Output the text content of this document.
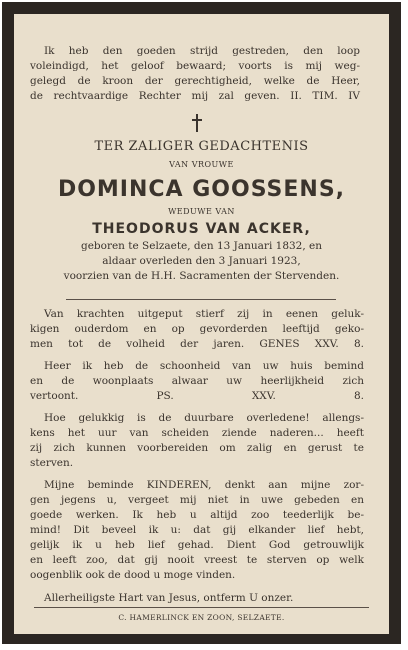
Ik heb den goeden strijd gestreden, den loop
voleindigd, het geloof bewaard; voorts is mij weg-
gelegd de kroon der gerechtigheid, welke de Heer,
de rechtvaardige Rechter mij zal geven. II. TIM. IV
TER ZALIGER GEDACHTENIS
VAN VROUWE
DOMINCA GOOSSENS,
WEDUWE VAN
THEODORUS VAN ACKER,
geboren te Selzaete, den 13 Januari 1832, en
aldaar overleden den 3 Januari 1923,
voorzien van de H.H. Sacramenten der Stervenden.
Van krachten uitgeput stierf zij in eenen geluk-
kigen ouderdom en op gevorderden leeftijd geko-
men tot de volheid der jaren. GENES XXV. 8.
Heer ik heb de schoonheid van uw huis bemind
en de woonplaats alwaar uw heerlijkheid zich
vertoont. PS. XXV. 8.
Hoe gelukkig is de duurbare overledene! allengs-
kens het uur van scheiden ziende naderen... heeft
zij zich kunnen voorbereiden om zalig en gerust te
sterven.
Mijne beminde KINDEREN, denkt aan mijne zor-
gen jegens u, vergeet mij niet in uwe gebeden en
goede werken. Ik heb u altijd zoo teederlijk be-
mind! Dit beveel ik u: dat gij elkander lief hebt,
gelijk ik u heb lief gehad. Dient God getrouwlijk
en leeft zoo, dat gij nooit vreest te sterven op welk
oogenblik ook de dood u moge vinden.
Allerheiligste Hart van Jesus, ontferm U onzer.
C. HAMERLINCK EN ZOON, SELZAETE.
